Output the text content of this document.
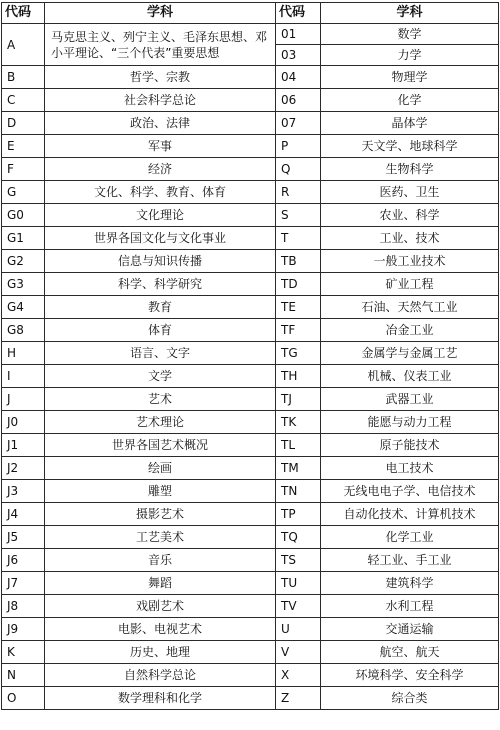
代码	学科	代码	学科
A	马克思主义、列宁主义、毛泽东思想、邓小平理论、“三个代表”重要思想	01	数学
		03	力学
B	哲学、宗教	04	物理学
C	社会科学总论	06	化学
D	政治、法律	07	晶体学
E	军事	P	天文学、地球科学
F	经济	Q	生物科学
G	文化、科学、教育、体育	R	医药、卫生
G0	文化理论	S	农业、科学
G1	世界各国文化与文化事业	T	工业、技术
G2	信息与知识传播	TB	一般工业技术
G3	科学、科学研究	TD	矿业工程
G4	教育	TE	石油、天然气工业
G8	体育	TF	冶金工业
H	语言、文字	TG	金属学与金属工艺
I	文学	TH	机械、仪表工业
J	艺术	TJ	武器工业
J0	艺术理论	TK	能愿与动力工程
J1	世界各国艺术概况	TL	原子能技术
J2	绘画	TM	电工技术
J3	雕塑	TN	无线电电子学、电信技术
J4	摄影艺术	TP	自动化技术、计算机技术
J5	工艺美术	TQ	化学工业
J6	音乐	TS	轻工业、手工业
J7	舞蹈	TU	建筑科学
J8	戏剧艺术	TV	水利工程
J9	电影、电视艺术	U	交通运输
K	历史、地理	V	航空、航天
N	自然科学总论	X	环境科学、安全科学
O	数学理科和化学	Z	综合类
